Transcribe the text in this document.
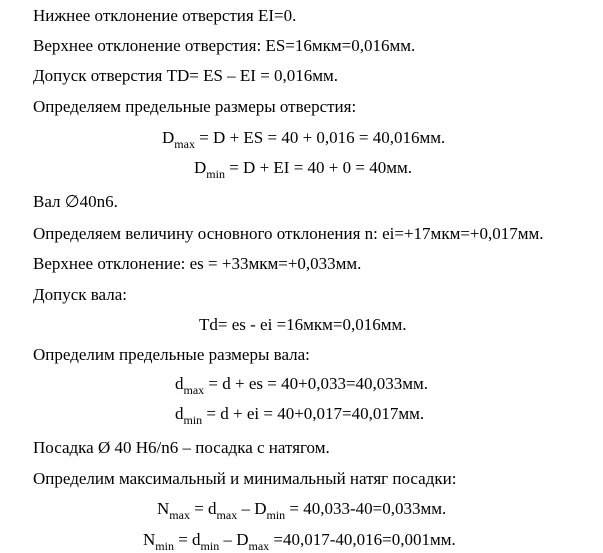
Нижнее отклонение отверстия EI=0.
Верхнее отклонение отверстия: ES=16мкм=0,016мм.
Допуск отверстия TD= ES – EI = 0,016мм.
Определяем предельные размеры отверстия:
$D_{max} = D$ + ES = 40 + 0,016 = 40,016мм.
$D_{min} = D$ + EI = 40 + 0 = 40мм.
Вал ∅40n6.
Определяем величину основного отклонения n: ei=+17мкм=+0,017мм.
Верхнее отклонение: es = +33мкм=+0,033мм.
Допуск вала:
Td= es - ei =16мкм=0,016мм.
Определим предельные размеры вала:
$d_{max} = d$ + es = 40+0,033=40,033мм.
$d_{min} = d$ + ei = 40+0,017=40,017мм.
Посадка Ø 40 H6/n6 – посадка с натягом.
Определим максимальный и минимальный натяг посадки:
$N_{max} = d_{max} - D_{min} = 40,033-40=0,033мм$.
$N_{min} = d_{min} - D_{max} =40,017-40,016=0,001мм$.
